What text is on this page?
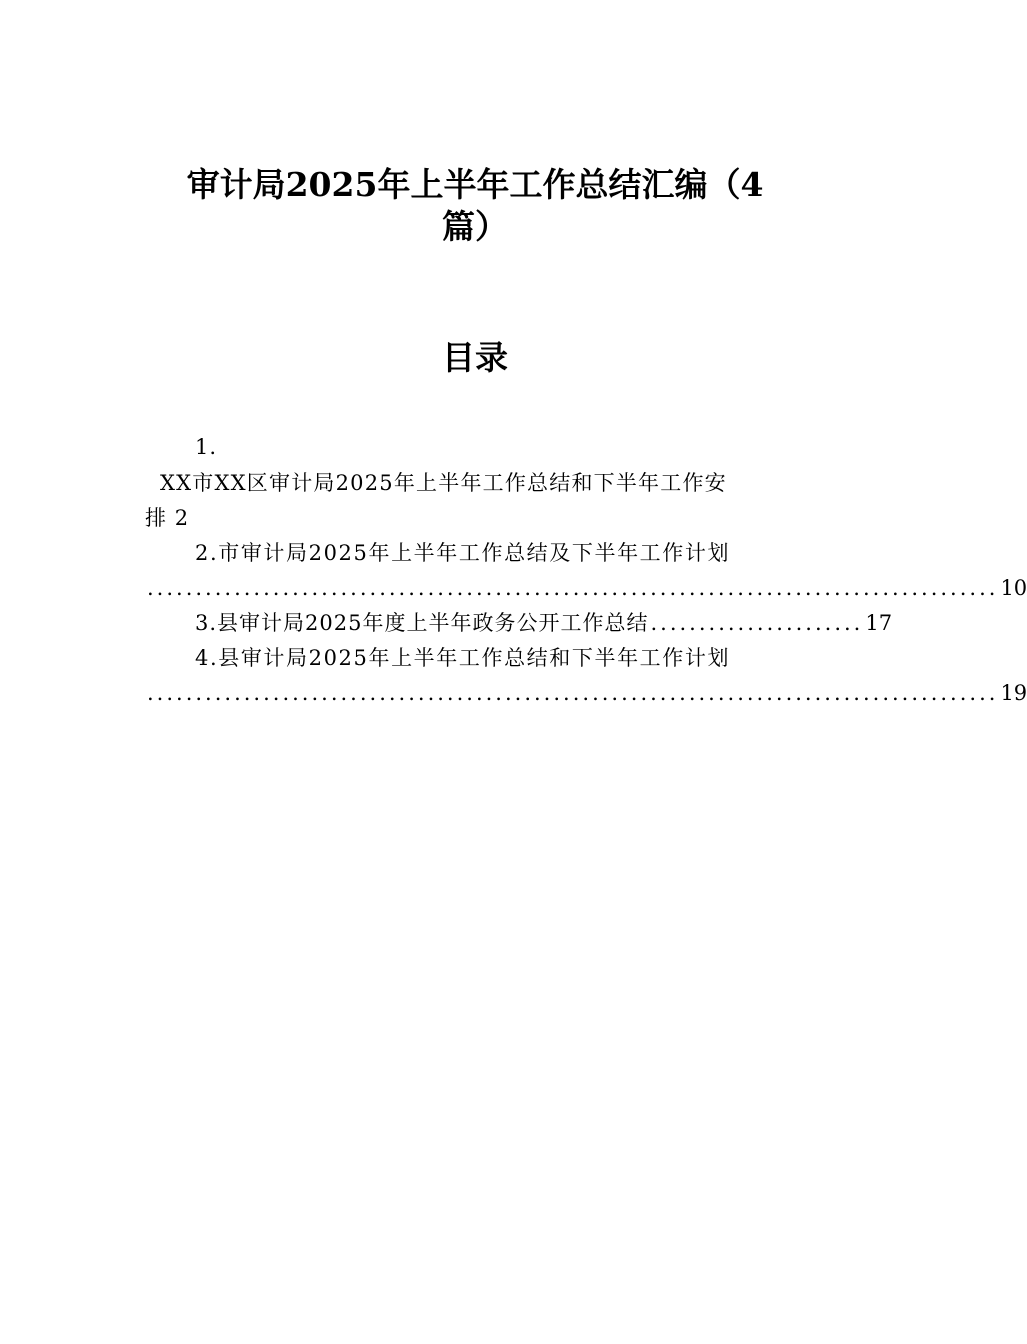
审计局2025年上半年工作总结汇编（4
篇）
目录
1.
XX市XX区审计局2025年上半年工作总结和下半年工作安
排 2
2.市审计局2025年上半年工作总结及下半年工作计划
........................................................................................ 10
3.县审计局2025年度上半年政务公开工作总结 ...................... 17
4.县审计局2025年上半年工作总结和下半年工作计划
........................................................................................ 19
